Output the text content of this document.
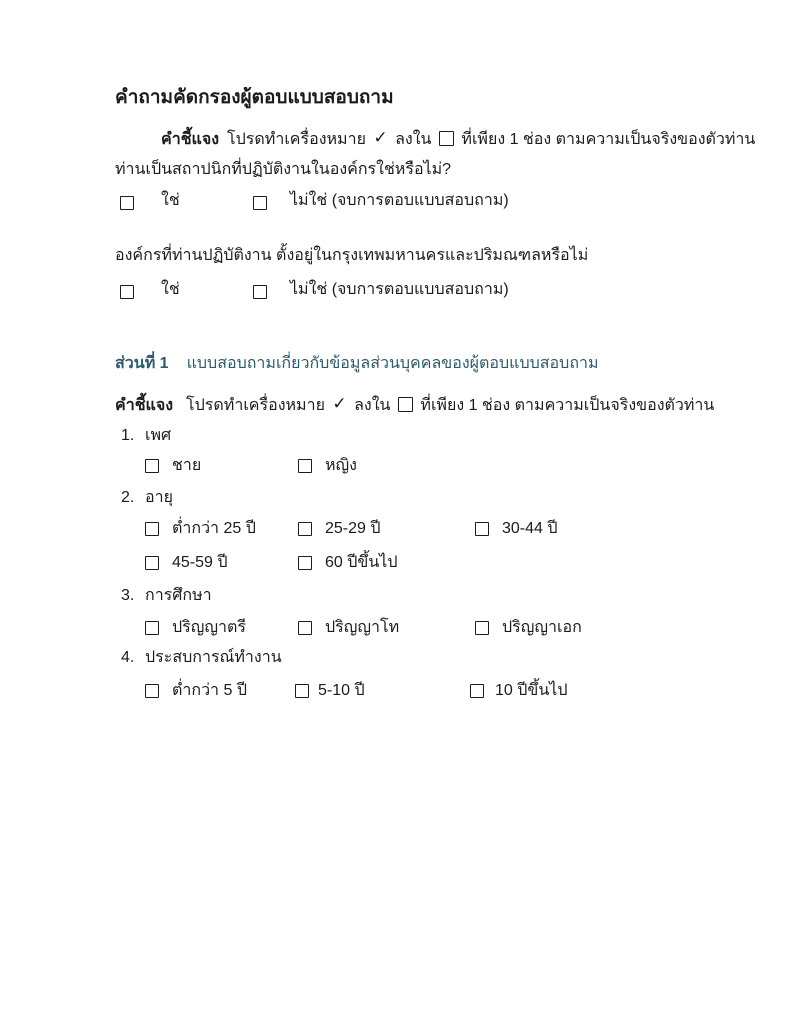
คำถามคัดกรองผู้ตอบแบบสอบถาม
คำชี้แจง โปรดทำเครื่องหมาย ✓ ลงใน ที่เพียง 1 ช่อง ตามความเป็นจริงของตัวท่าน
ท่านเป็นสถาปนิกที่ปฏิบัติงานในองค์กรใช่หรือไม่?
ใช่	ไม่ใช่ (จบการตอบแบบสอบถาม)
องค์กรที่ท่านปฏิบัติงาน ตั้งอยู่ในกรุงเทพมหานครและปริมณฑลหรือไม่
ใช่	ไม่ใช่ (จบการตอบแบบสอบถาม)
ส่วนที่ 1 แบบสอบถามเกี่ยวกับข้อมูลส่วนบุคคลของผู้ตอบแบบสอบถาม
คำชี้แจง โปรดทำเครื่องหมาย ✓ ลงใน ที่เพียง 1 ช่อง ตามความเป็นจริงของตัวท่าน
1. เพศ
ชาย	หญิง
2. อายุ
ต่ำกว่า 25 ปี	25-29 ปี	30-44 ปี
45-59 ปี	60 ปีขึ้นไป
3. การศึกษา
ปริญญาตรี	ปริญญาโท	ปริญญาเอก
4. ประสบการณ์ทำงาน
ต่ำกว่า 5 ปี	5-10 ปี	10 ปีขึ้นไป
